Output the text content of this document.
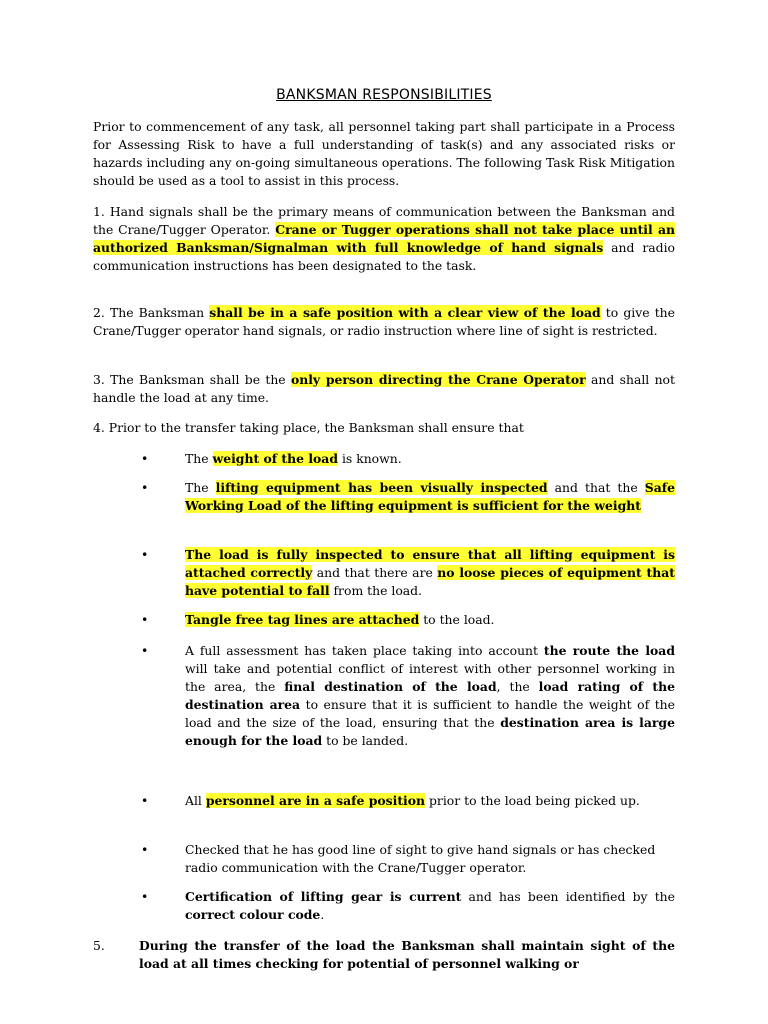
BANKSMAN RESPONSIBILITIES
Prior to commencement of any task, all personnel taking part shall participate in a Process for Assessing Risk to have a full understanding of task(s) and any associated risks or hazards including any on-going simultaneous operations. The following Task Risk Mitigation should be used as a tool to assist in this process.
1. Hand signals shall be the primary means of communication between the Banksman and the Crane/Tugger Operator. Crane or Tugger operations shall not take place until an authorized Banksman/Signalman with full knowledge of hand signals and radio communication instructions has been designated to the task.
2. The Banksman shall be in a safe position with a clear view of the load to give the Crane/Tugger operator hand signals, or radio instruction where line of sight is restricted.
3. The Banksman shall be the only person directing the Crane Operator and shall not handle the load at any time.
4. Prior to the transfer taking place, the Banksman shall ensure that
•	The weight of the load is known.
•	The lifting equipment has been visually inspected and that the Safe Working Load of the lifting equipment is sufficient for the weight
•	The load is fully inspected to ensure that all lifting equipment is attached correctly and that there are no loose pieces of equipment that have potential to fall from the load.
•	Tangle free tag lines are attached to the load.
•	A full assessment has taken place taking into account the route the load will take and potential conflict of interest with other personnel working in the area, the final destination of the load, the load rating of the destination area to ensure that it is sufficient to handle the weight of the load and the size of the load, ensuring that the destination area is large enough for the load to be landed.
•	All personnel are in a safe position prior to the load being picked up.
•	Checked that he has good line of sight to give hand signals or has checked radio communication with the Crane/Tugger operator.
•	Certification of lifting gear is current and has been identified by the correct colour code.
5.	During the transfer of the load the Banksman shall maintain sight of the load at all times checking for potential of personnel walking or
